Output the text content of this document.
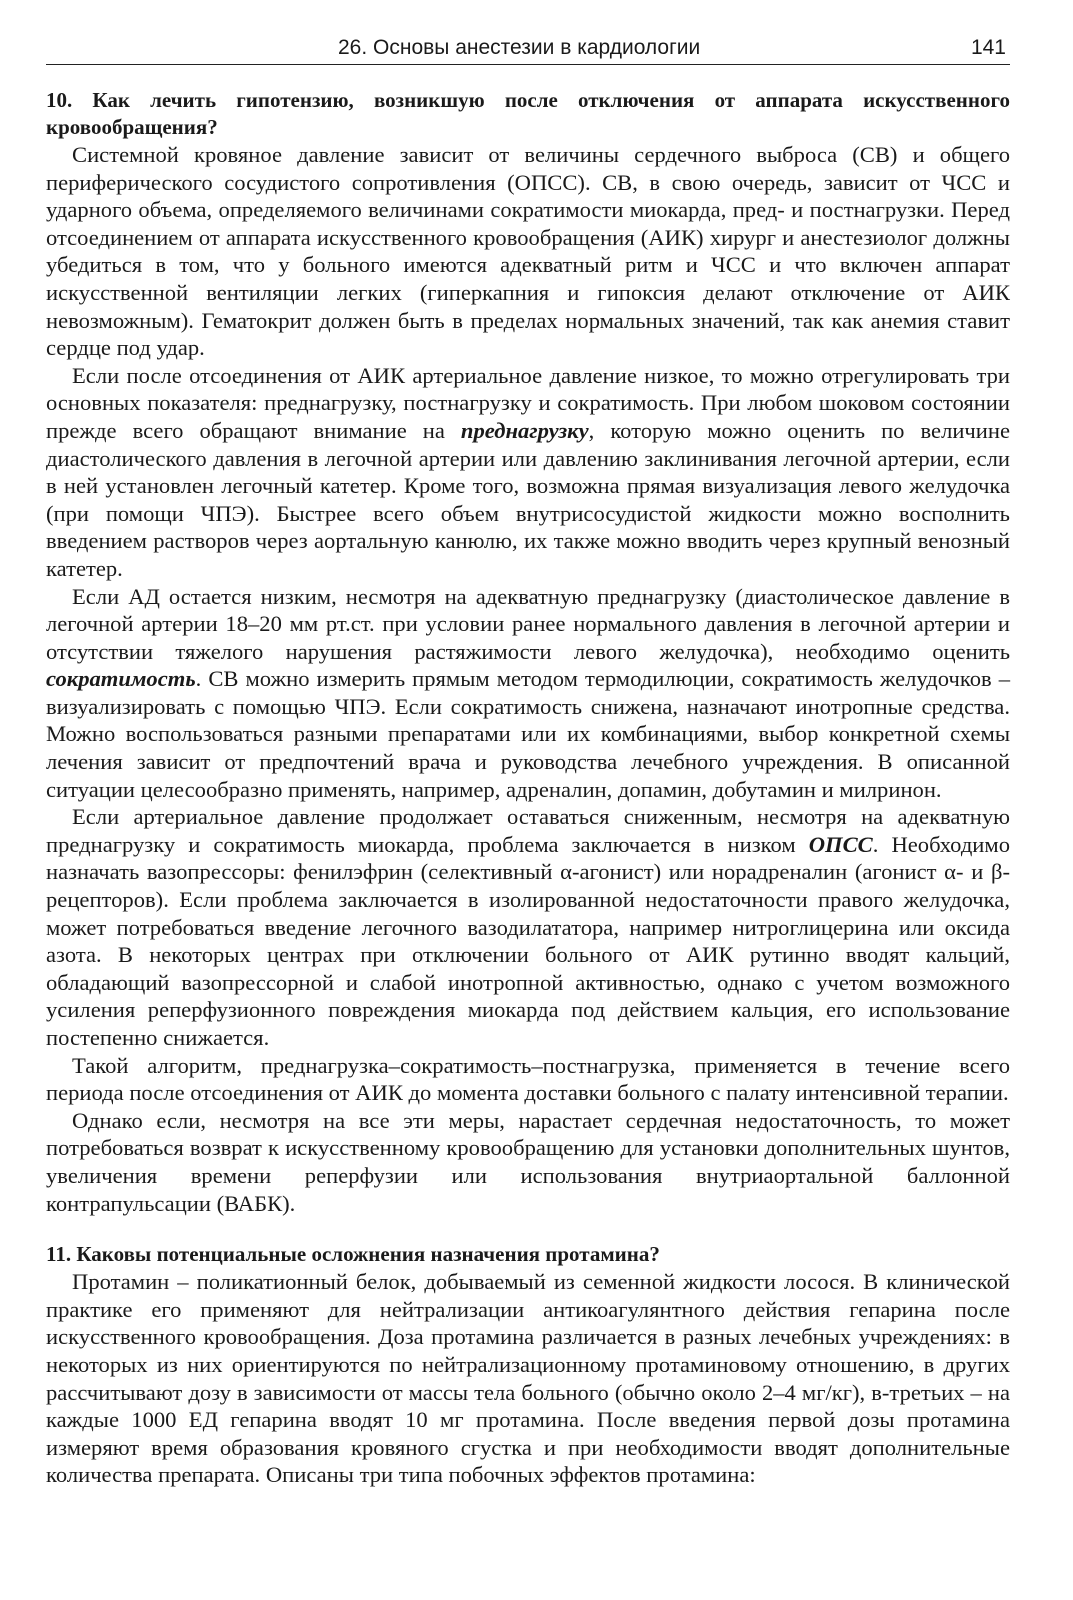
26. Основы анестезии в кардиологии	141

10. Как лечить гипотензию, возникшую после отключения от аппарата искусственного кровообращения?

Системной кровяное давление зависит от величины сердечного выброса (СВ) и общего периферического сосудистого сопротивления (ОПСС). СВ, в свою очередь, зависит от ЧСС и ударного объема, определяемого величинами сократимости миокарда, пред- и постнагрузки. Перед отсоединением от аппарата искусственного кровообращения (АИК) хирург и анестезиолог должны убедиться в том, что у больного имеются адекватный ритм и ЧСС и что включен аппарат искусственной вентиляции легких (гиперкапния и гипоксия делают отключение от АИК невозможным). Гематокрит должен быть в пределах нормальных значений, так как анемия ставит сердце под удар.

Если после отсоединения от АИК артериальное давление низкое, то можно отрегулировать три основных показателя: преднагрузку, постнагрузку и сократимость. При любом шоковом состоянии прежде всего обращают внимание на преднагрузку, которую можно оценить по величине диастолического давления в легочной артерии или давлению заклинивания легочной артерии, если в ней установлен легочный катетер. Кроме того, возможна прямая визуализация левого желудочка (при помощи ЧПЭ). Быстрее всего объем внутрисосудистой жидкости можно восполнить введением растворов через аортальную канюлю, их также можно вводить через крупный венозный катетер.

Если АД остается низким, несмотря на адекватную преднагрузку (диастолическое давление в легочной артерии 18–20 мм рт.ст. при условии ранее нормального давления в легочной артерии и отсутствии тяжелого нарушения растяжимости левого желудочка), необходимо оценить сократимость. СВ можно измерить прямым методом термодилюции, сократимость желудочков – визуализировать с помощью ЧПЭ. Если сократимость снижена, назначают инотропные средства. Можно воспользоваться разными препаратами или их комбинациями, выбор конкретной схемы лечения зависит от предпочтений врача и руководства лечебного учреждения. В описанной ситуации целесообразно применять, например, адреналин, допамин, добутамин и милринон.

Если артериальное давление продолжает оставаться сниженным, несмотря на адекватную преднагрузку и сократимость миокарда, проблема заключается в низком ОПСС. Необходимо назначать вазопрессоры: фенилэфрин (селективный α-агонист) или норадреналин (агонист α- и β-рецепторов). Если проблема заключается в изолированной недостаточности правого желудочка, может потребоваться введение легочного вазодилататора, например нитроглицерина или оксида азота. В некоторых центрах при отключении больного от АИК рутинно вводят кальций, обладающий вазопрессорной и слабой инотропной активностью, однако с учетом возможного усиления реперфузионного повреждения миокарда под действием кальция, его использование постепенно снижается.

Такой алгоритм, преднагрузка–сократимость–постнагрузка, применяется в течение всего периода после отсоединения от АИК до момента доставки больного с палату интенсивной терапии.

Однако если, несмотря на все эти меры, нарастает сердечная недостаточность, то может потребоваться возврат к искусственному кровообращению для установки дополнительных шунтов, увеличения времени реперфузии или использования внутриаортальной баллонной контрапульсации (ВАБК).

11. Каковы потенциальные осложнения назначения протамина?

Протамин – поликатионный белок, добываемый из семенной жидкости лосося. В клинической практике его применяют для нейтрализации антикоагулянтного действия гепарина после искусственного кровообращения. Доза протамина различается в разных лечебных учреждениях: в некоторых из них ориентируются по нейтрализационному протаминовому отношению, в других рассчитывают дозу в зависимости от массы тела больного (обычно около 2–4 мг/кг), в-третьих – на каждые 1000 ЕД гепарина вводят 10 мг протамина. После введения первой дозы протамина измеряют время образования кровяного сгустка и при необходимости вводят дополнительные количества препарата. Описаны три типа побочных эффектов протамина:
